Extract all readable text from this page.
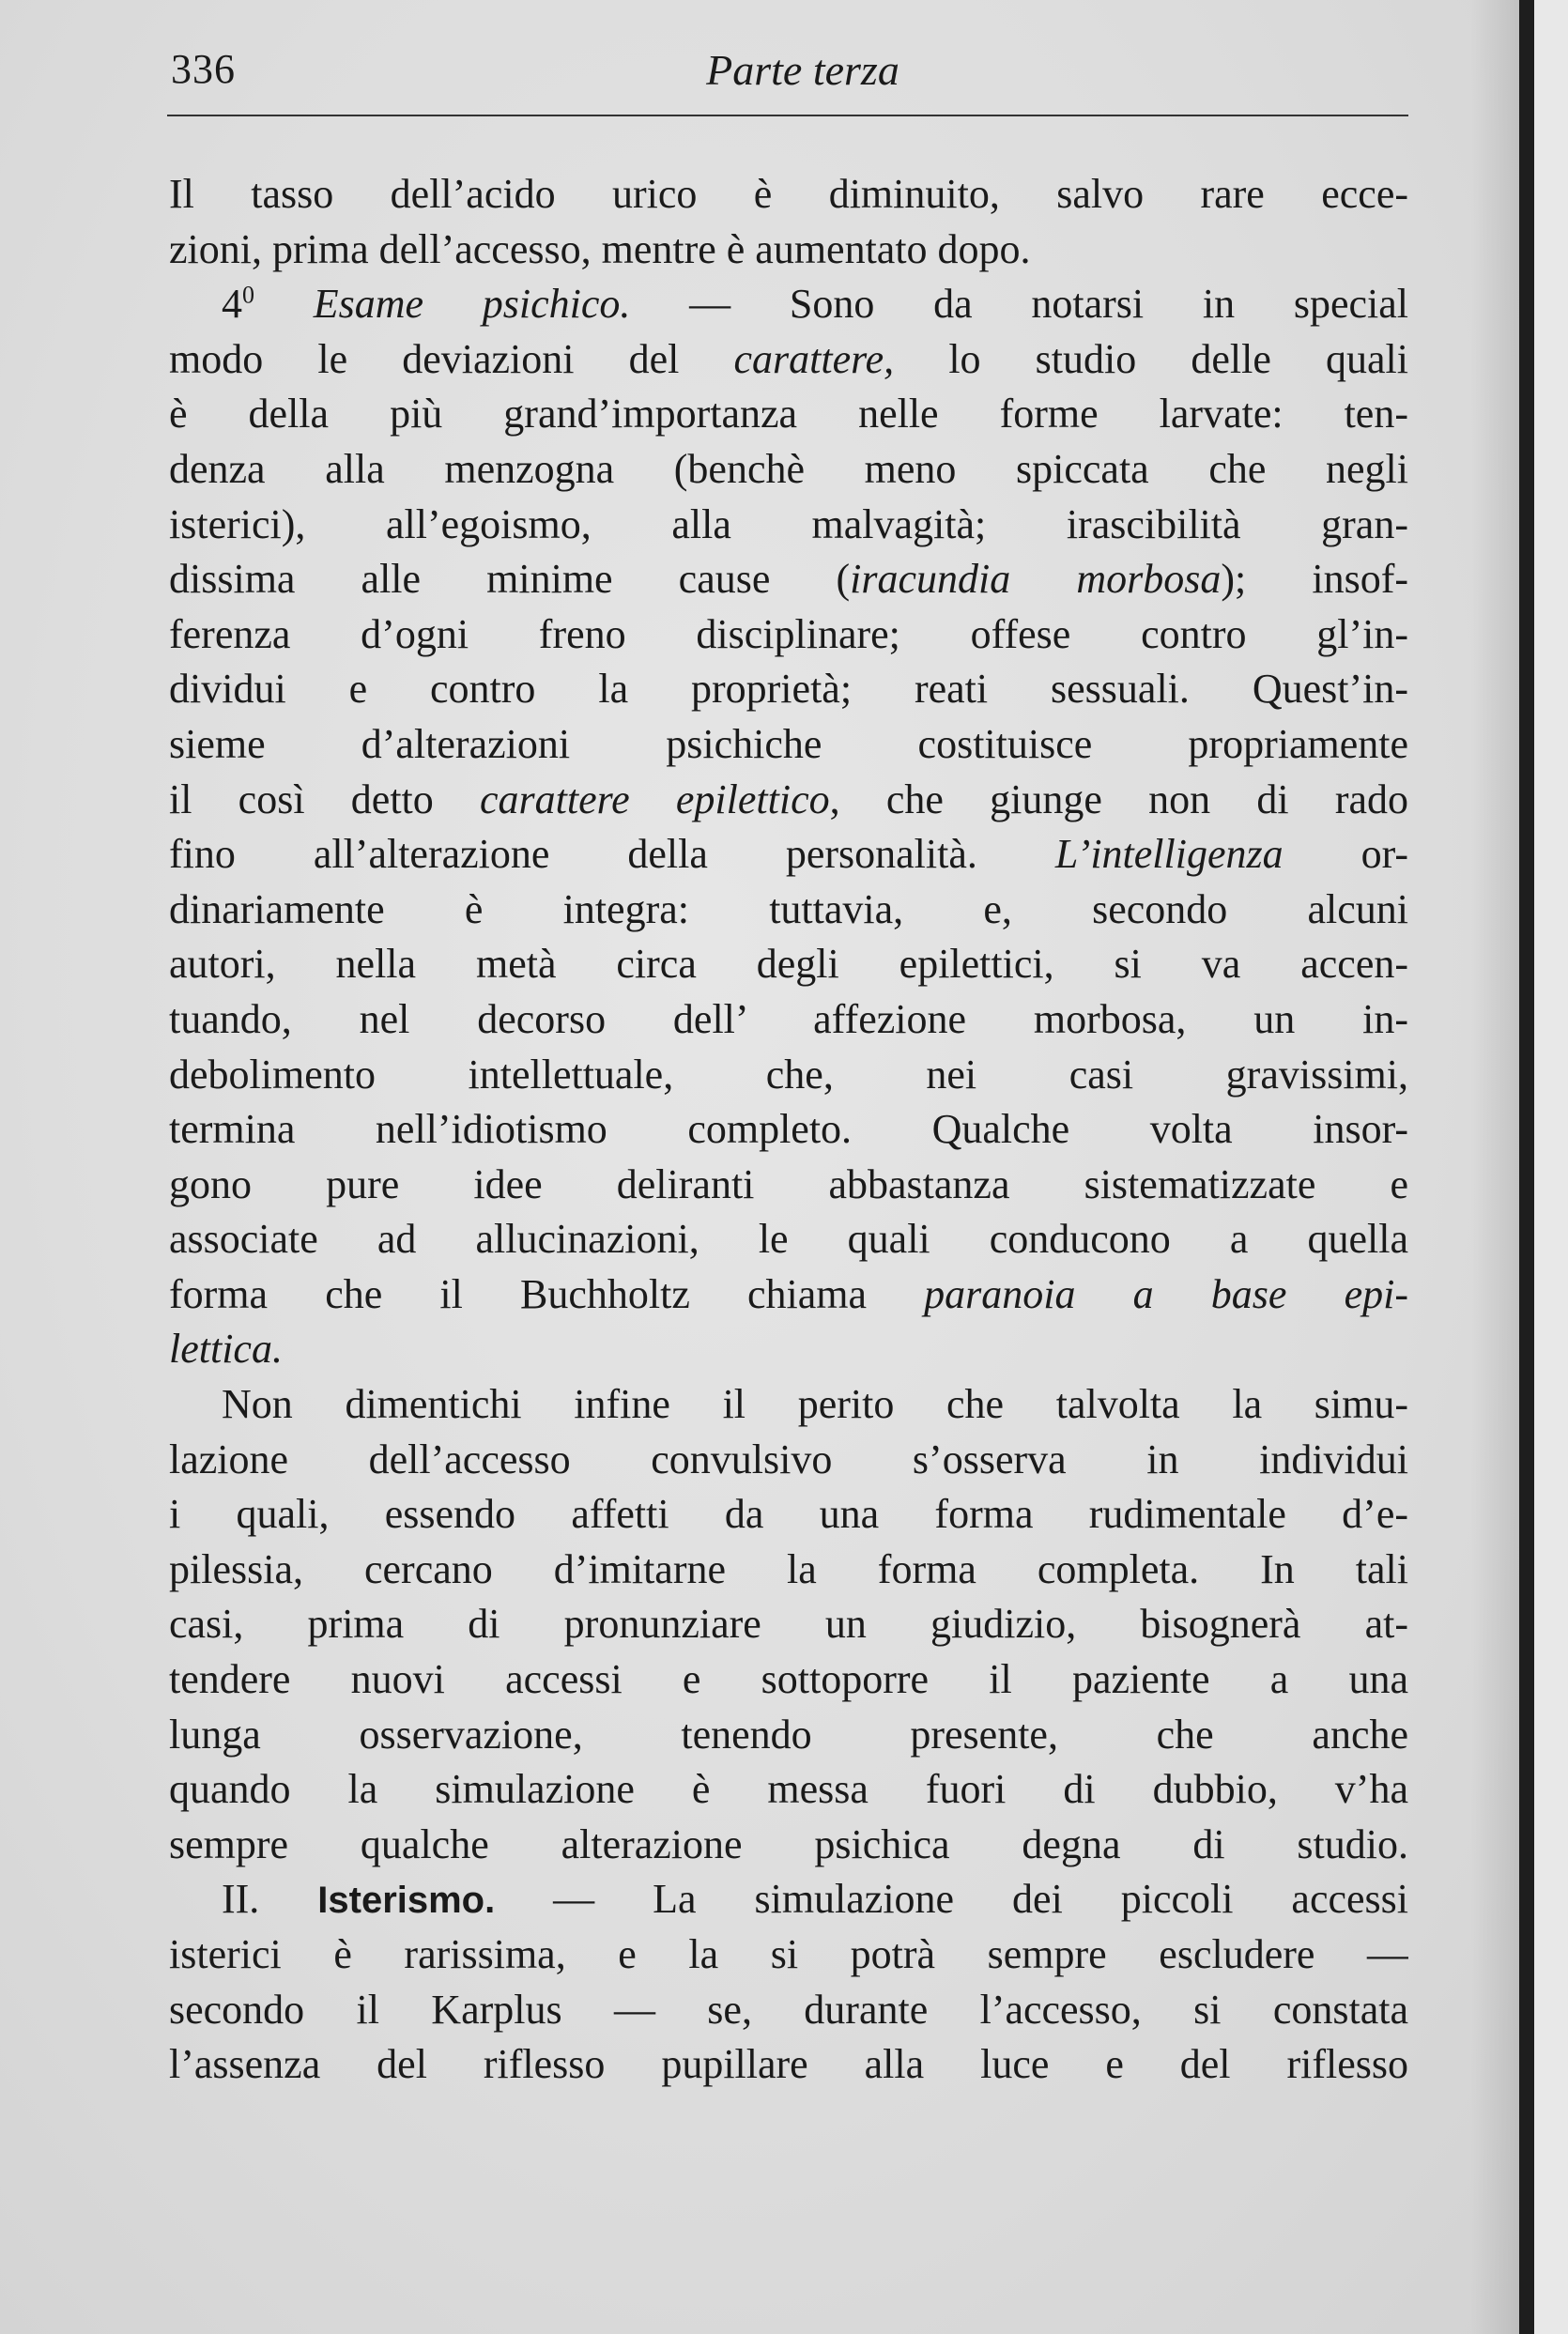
336	Parte terza
Il tasso dell’acido urico è diminuito, salvo rare ecce-
zioni, prima dell’accesso, mentre è aumentato dopo.
$4^0$ Esame psichico. — Sono da notarsi in special
modo le deviazioni del carattere, lo studio delle quali
è della più grand’importanza nelle forme larvate: ten-
denza alla menzogna (benchè meno spiccata che negli
isterici), all’egoismo, alla malvagità; irascibilità gran-
dissima alle minime cause (iracundia morbosa); insof-
ferenza d’ogni freno disciplinare; offese contro gl’in-
dividui e contro la proprietà; reati sessuali. Quest’in-
sieme d’alterazioni psichiche costituisce propriamente
il così detto carattere epilettico, che giunge non di rado
fino all’alterazione della personalità. L’intelligenza or-
dinariamente è integra: tuttavia, e, secondo alcuni
autori, nella metà circa degli epilettici, si va accen-
tuando, nel decorso dell’ affezione morbosa, un in-
debolimento intellettuale, che, nei casi gravissimi,
termina nell’idiotismo completo. Qualche volta insor-
gono pure idee deliranti abbastanza sistematizzate e
associate ad allucinazioni, le quali conducono a quella
forma che il Buchholtz chiama paranoia a base epi-
lettica.
Non dimentichi infine il perito che talvolta la simu-
lazione dell’accesso convulsivo s’osserva in individui
i quali, essendo affetti da una forma rudimentale d’e-
pilessia, cercano d’imitarne la forma completa. In tali
casi, prima di pronunziare un giudizio, bisognerà at-
tendere nuovi accessi e sottoporre il paziente a una
lunga osservazione, tenendo presente, che anche
quando la simulazione è messa fuori di dubbio, v’ha
sempre qualche alterazione psichica degna di studio.
II. Isterismo. — La simulazione dei piccoli accessi
isterici è rarissima, e la si potrà sempre escludere —
secondo il Karplus — se, durante l’accesso, si constata
l’assenza del riflesso pupillare alla luce e del riflesso
